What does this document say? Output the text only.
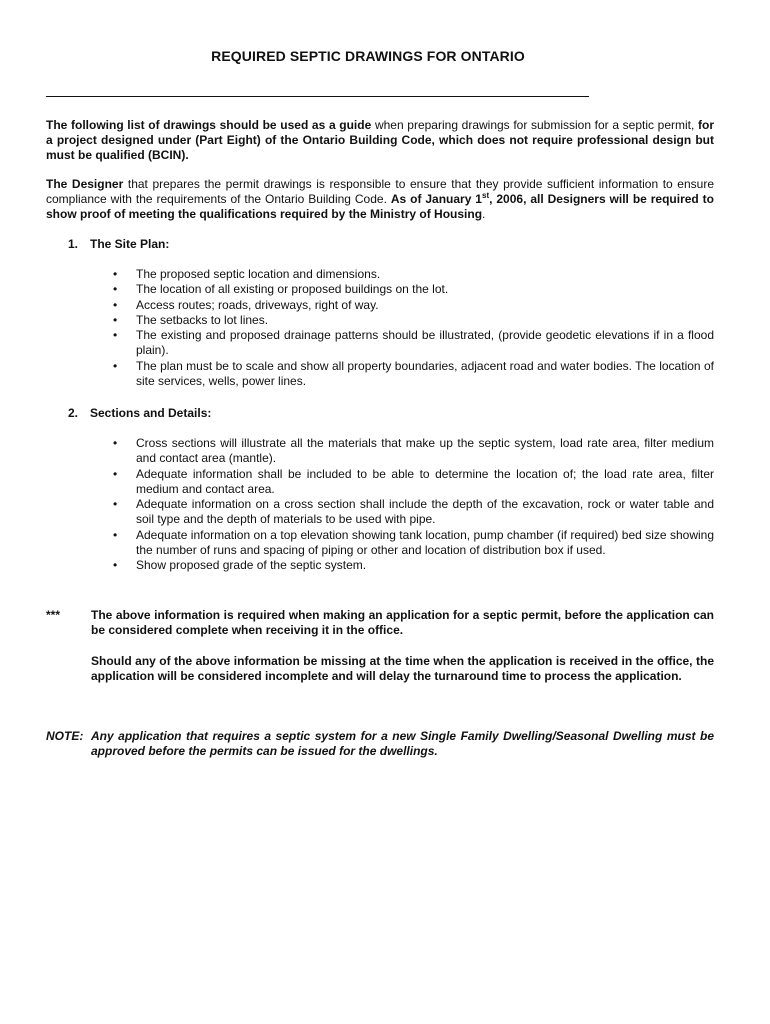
REQUIRED SEPTIC DRAWINGS FOR ONTARIO

The following list of drawings should be used as a guide when preparing drawings for submission for a septic permit, for a project designed under (Part Eight) of the Ontario Building Code, which does not require professional design but must be qualified (BCIN).

The Designer that prepares the permit drawings is responsible to ensure that they provide sufficient information to ensure compliance with the requirements of the Ontario Building Code. As of January 1st, 2006, all Designers will be required to show proof of meeting the qualifications required by the Ministry of Housing.

1. The Site Plan:

• The proposed septic location and dimensions.
• The location of all existing or proposed buildings on the lot.
• Access routes; roads, driveways, right of way.
• The setbacks to lot lines.
• The existing and proposed drainage patterns should be illustrated, (provide geodetic elevations if in a flood plain).
• The plan must be to scale and show all property boundaries, adjacent road and water bodies. The location of site services, wells, power lines.

2. Sections and Details:

• Cross sections will illustrate all the materials that make up the septic system, load rate area, filter medium and contact area (mantle).
• Adequate information shall be included to be able to determine the location of; the load rate area, filter medium and contact area.
• Adequate information on a cross section shall include the depth of the excavation, rock or water table and soil type and the depth of materials to be used with pipe.
• Adequate information on a top elevation showing tank location, pump chamber (if required) bed size showing the number of runs and spacing of piping or other and location of distribution box if used.
• Show proposed grade of the septic system.
***	The above information is required when making an application for a septic permit, before the application can be considered complete when receiving it in the office.
Should any of the above information be missing at the time when the application is received in the office, the application will be considered incomplete and will delay the turnaround time to process the application.
NOTE: Any application that requires a septic system for a new Single Family Dwelling/Seasonal Dwelling must be approved before the permits can be issued for the dwellings.
